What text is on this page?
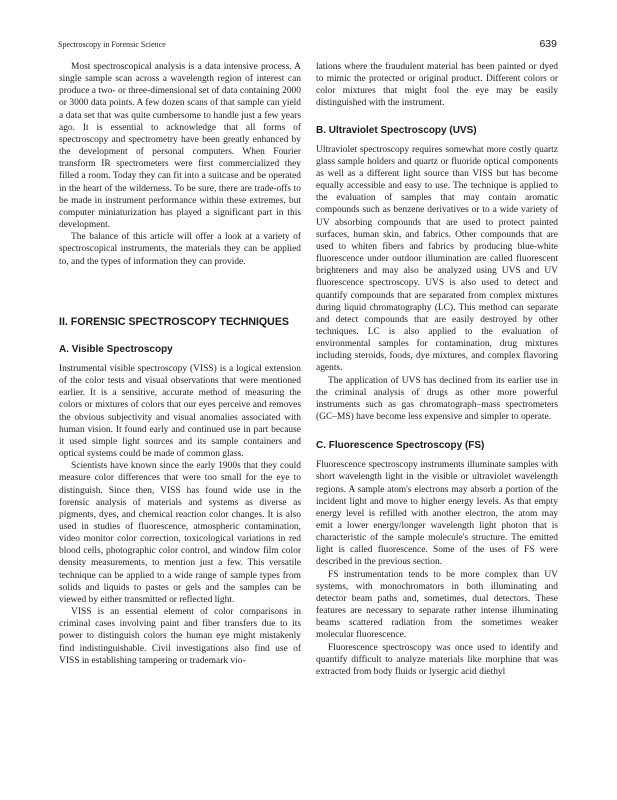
Spectroscopy in Forensic Science	639

Most spectroscopical analysis is a data intensive process. A single sample scan across a wavelength region of interest can produce a two- or three-dimensional set of data containing 2000 or 3000 data points. A few dozen scans of that sample can yield a data set that was quite cumbersome to handle just a few years ago. It is essential to acknowledge that all forms of spectroscopy and spectrometry have been greatly enhanced by the development of personal computers. When Fourier transform IR spectrometers were first commercialized they filled a room. Today they can fit into a suitcase and be operated in the heart of the wilderness. To be sure, there are trade-offs to be made in instrument performance within these extremes, but computer miniaturization has played a significant part in this development.

The balance of this article will offer a look at a variety of spectroscopical instruments, the materials they can be applied to, and the types of information they can provide.

II. FORENSIC SPECTROSCOPY TECHNIQUES
A. Visible Spectroscopy

Instrumental visible spectroscopy (VISS) is a logical extension of the color tests and visual observations that were mentioned earlier. It is a sensitive, accurate method of measuring the colors or mixtures of colors that our eyes perceive and removes the obvious subjectivity and visual anomalies associated with human vision. It found early and continued use in part because it used simple light sources and its sample containers and optical systems could be made of common glass.

Scientists have known since the early 1900s that they could measure color differences that were too small for the eye to distinguish. Since then, VISS has found wide use in the forensic analysis of materials and systems as diverse as pigments, dyes, and chemical reaction color changes. It is also used in studies of fluorescence, atmospheric contamination, video monitor color correction, toxicological variations in red blood cells, photographic color control, and window film color density measurements, to mention just a few. This versatile technique can be applied to a wide range of sample types from solids and liquids to pastes or gels and the samples can be viewed by either transmitted or reflected light.

VISS is an essential element of color comparisons in criminal cases involving paint and fiber transfers due to its power to distinguish colors the human eye might mistakenly find indistinguishable. Civil investigations also find use of VISS in establishing tampering or trademark vio-

lations where the fraudulent material has been painted or dyed to mimic the protected or original product. Different colors or color mixtures that might fool the eye may be easily distinguished with the instrument.

B. Ultraviolet Spectroscopy (UVS)

Ultraviolet spectroscopy requires somewhat more costly quartz glass sample holders and quartz or fluoride optical components as well as a different light source than VISS but has become equally accessible and easy to use. The technique is applied to the evaluation of samples that may contain aromatic compounds such as benzene derivatives or to a wide variety of UV absorbing compounds that are used to protect painted surfaces, human skin, and fabrics. Other compounds that are used to whiten fibers and fabrics by producing blue-white fluorescence under outdoor illumination are called fluorescent brighteners and may also be analyzed using UVS and UV fluorescence spectroscopy. UVS is also used to detect and quantify compounds that are separated from complex mixtures during liquid chromatography (LC). This method can separate and detect compounds that are easily destroyed by other techniques. LC is also applied to the evaluation of environmental samples for contamination, drug mixtures including steroids, foods, dye mixtures, and complex flavoring agents.

The application of UVS has declined from its earlier use in the criminal analysis of drugs as other more powerful instruments such as gas chromatograph–mass spectrometers (GC–MS) have become less expensive and simpler to operate.

C. Fluorescence Spectroscopy (FS)

Fluorescence spectroscopy instruments illuminate samples with short wavelength light in the visible or ultraviolet wavelength regions. A sample atom's electrons may absorb a portion of the incident light and move to higher energy levels. As that empty energy level is refilled with another electron, the atom may emit a lower energy/longer wavelength light photon that is characteristic of the sample molecule's structure. The emitted light is called fluorescence. Some of the uses of FS were described in the previous section.

FS instrumentation tends to be more complex than UV systems, with monochromators in both illuminating and detector beam paths and, sometimes, dual detectors. These features are necessary to separate rather intense illuminating beams scattered radiation from the sometimes weaker molecular fluorescence.

Fluorescence spectroscopy was once used to identify and quantify difficult to analyze materials like morphine that was extracted from body fluids or lysergic acid diethyl
